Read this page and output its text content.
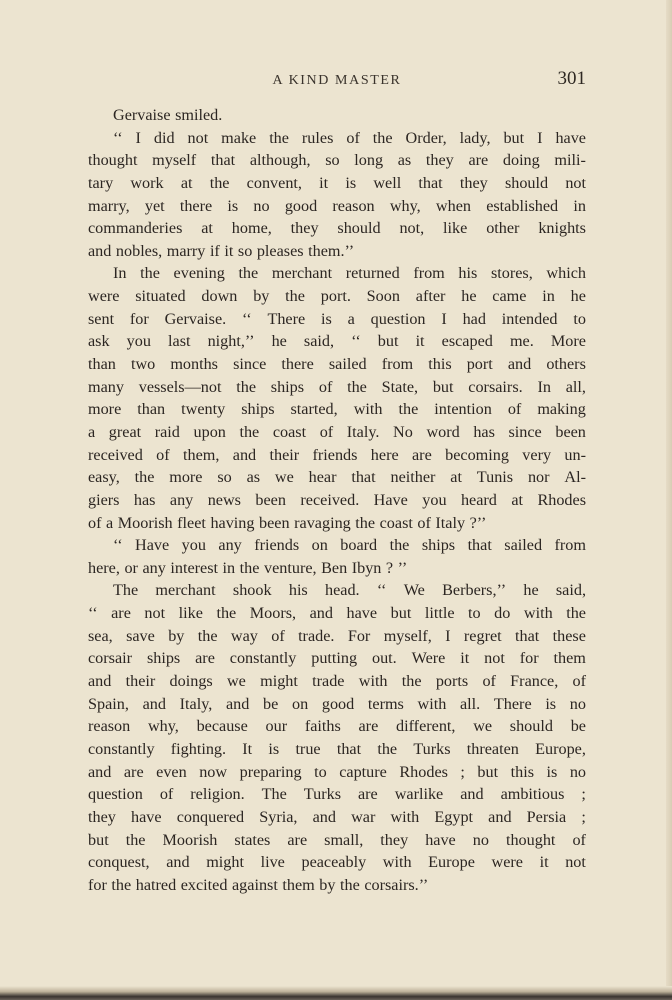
A KIND MASTER	301
Gervaise smiled.
‘‘ I did not make the rules of the Order, lady, but I have
thought myself that although, so long as they are doing mili-
tary work at the convent, it is well that they should not
marry, yet there is no good reason why, when established in
commanderies at home, they should not, like other knights
and nobles, marry if it so pleases them.’’
In the evening the merchant returned from his stores, which
were situated down by the port. Soon after he came in he
sent for Gervaise. ‘‘ There is a question I had intended to
ask you last night,’’ he said, ‘‘ but it escaped me. More
than two months since there sailed from this port and others
many vessels—not the ships of the State, but corsairs. In all,
more than twenty ships started, with the intention of making
a great raid upon the coast of Italy. No word has since been
received of them, and their friends here are becoming very un-
easy, the more so as we hear that neither at Tunis nor Al-
giers has any news been received. Have you heard at Rhodes
of a Moorish fleet having been ravaging the coast of Italy ?’’
‘‘ Have you any friends on board the ships that sailed from
here, or any interest in the venture, Ben Ibyn ? ’’
The merchant shook his head. ‘‘ We Berbers,’’ he said,
‘‘ are not like the Moors, and have but little to do with the
sea, save by the way of trade. For myself, I regret that these
corsair ships are constantly putting out. Were it not for them
and their doings we might trade with the ports of France, of
Spain, and Italy, and be on good terms with all. There is no
reason why, because our faiths are different, we should be
constantly fighting. It is true that the Turks threaten Europe,
and are even now preparing to capture Rhodes ; but this is no
question of religion. The Turks are warlike and ambitious ;
they have conquered Syria, and war with Egypt and Persia ;
but the Moorish states are small, they have no thought of
conquest, and might live peaceably with Europe were it not
for the hatred excited against them by the corsairs.’’
